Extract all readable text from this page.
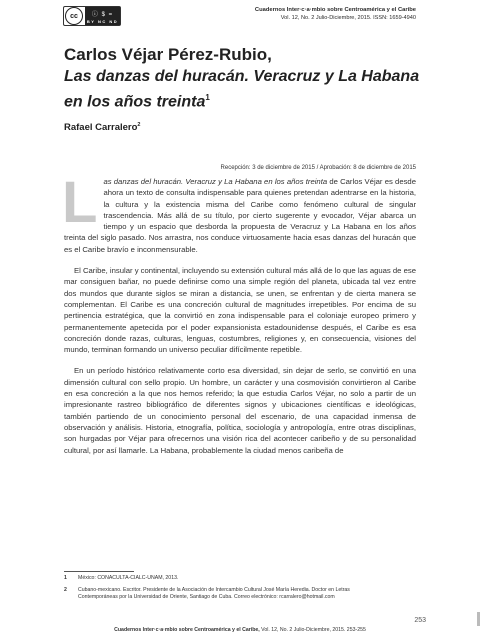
cc	ⓘ $ =
BY NC ND
Cuadernos Inter·c·a·mbio sobre Centroamérica y el Caribe
Vol. 12, No. 2 Julio-Diciembre, 2015. ISSN: 1659-4940
Carlos Véjar Pérez-Rubio,
Las danzas del huracán. Veracruz y La Habana en los años treinta$^1$
Rafael Carralero$^2$
Recepción: 3 de diciembre de 2015 / Aprobación: 8 de diciembre de 2015

Las danzas del huracán. Veracruz y La Habana en los años treinta de Carlos Véjar es desde ahora un texto de consulta indispensable para quienes pretendan adentrarse en la historia, la cultura y la existencia misma del Caribe como fenómeno cultural de singular trascendencia. Más allá de su título, por cierto sugerente y evocador, Véjar abarca un tiempo y un espacio que desborda la propuesta de Veracruz y La Habana en los años treinta del siglo pasado. Nos arrastra, nos conduce virtuosamente hacia esas danzas del huracán que es el Caribe bravío e inconmensurable.

El Caribe, insular y continental, incluyendo su extensión cultural más allá de lo que las aguas de ese mar consiguen bañar, no puede definirse como una simple región del planeta, ubicada tal vez entre dos mundos que durante siglos se miran a distancia, se unen, se enfrentan y de cierta manera se complementan. El Caribe es una concreción cultural de magnitudes irrepetibles. Por encima de su pertinencia estratégica, que la convirtió en zona indispensable para el coloniaje europeo primero y permanentemente apetecida por el poder expansionista estadounidense después, el Caribe es esa concreción donde razas, culturas, lenguas, costumbres, religiones y, en consecuencia, visiones del mundo, terminan formando un universo peculiar difícilmente repetible.

En un período histórico relativamente corto esa diversidad, sin dejar de serlo, se convirtió en una dimensión cultural con sello propio. Un hombre, un carácter y una cosmovisión convirtieron al Caribe en esa concreción a la que nos hemos referido; la que estudia Carlos Véjar, no solo a partir de un impresionante rastreo bibliográfico de diferentes signos y ubicaciones científicas e ideológicas, también partiendo de un conocimiento personal del escenario, de una capacidad inmensa de observación y análisis. Historia, etnografía, política, sociología y antropología, entre otras disciplinas, son hurgadas por Véjar para ofrecernos una visión rica del acontecer caribeño y de su personalidad cultural, por así llamarle. La Habana, probablemente la ciudad menos caribeña de

1	México: CONACULTA-CIALC-UNAM, 2013.
2	Cubano-mexicano. Escritor. Presidente de la Asociación de Intercambio Cultural José María Heredia. Doctor en Letras Contemporáneas por la Universidad de Oriente, Santiago de Cuba. Correo electrónico: rcarralero@hotmail.com
253
Cuadernos Inter·c·a·mbio sobre Centroamérica y el Caribe, Vol. 12, No. 2 Julio-Diciembre, 2015. 253-255
